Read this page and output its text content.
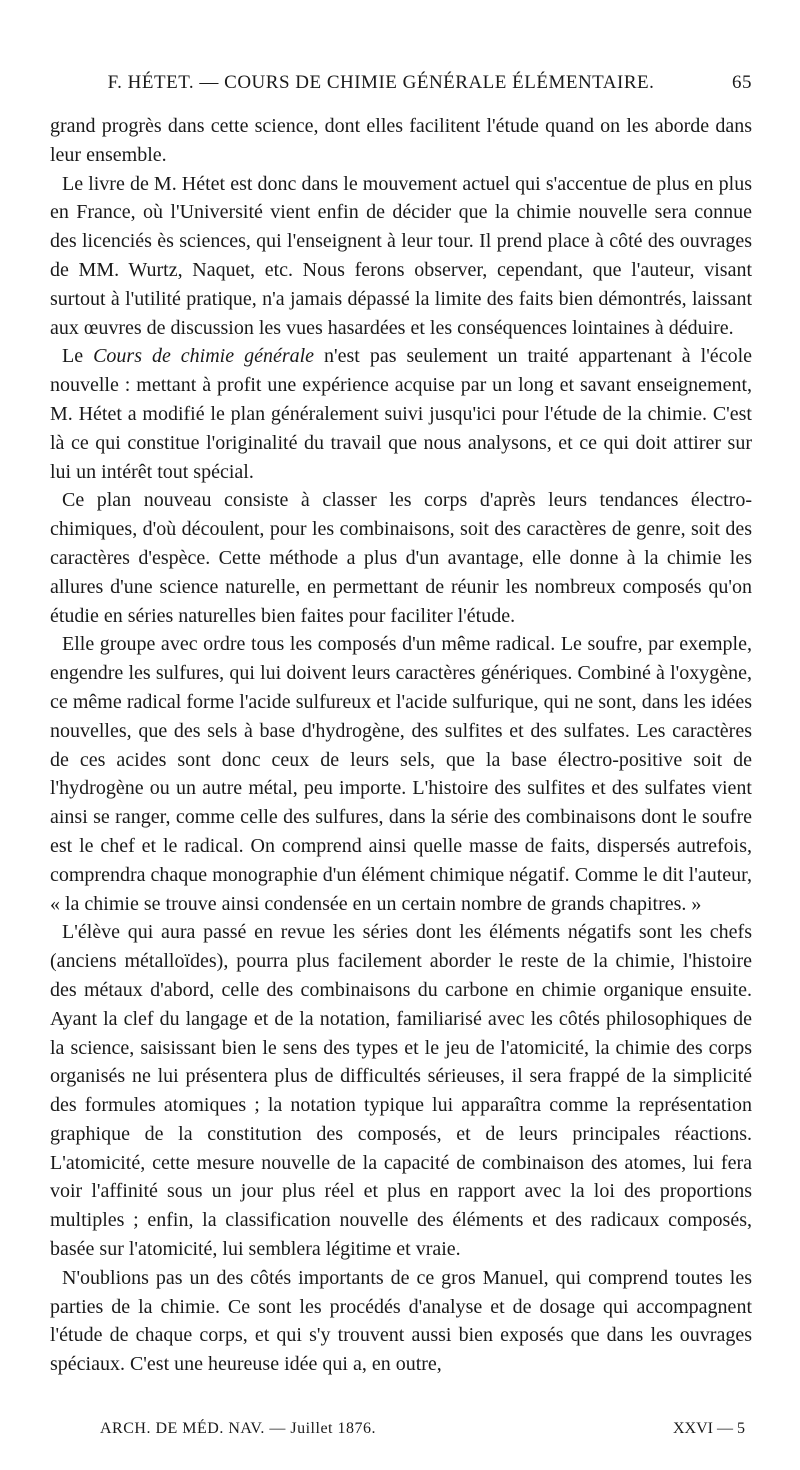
F. HÉTET. — COURS DE CHIMIE GÉNÉRALE ÉLÉMENTAIRE.	65

grand progrès dans cette science, dont elles facilitent l'étude quand on les aborde dans leur ensemble.

Le livre de M. Hétet est donc dans le mouvement actuel qui s'accentue de plus en plus en France, où l'Université vient enfin de décider que la chimie nouvelle sera connue des licenciés ès sciences, qui l'enseignent à leur tour. Il prend place à côté des ouvrages de MM. Wurtz, Naquet, etc. Nous ferons observer, cependant, que l'auteur, visant surtout à l'utilité pratique, n'a jamais dépassé la limite des faits bien démontrés, laissant aux œuvres de discussion les vues hasardées et les conséquences lointaines à déduire.

Le Cours de chimie générale n'est pas seulement un traité appartenant à l'école nouvelle : mettant à profit une expérience acquise par un long et savant enseignement, M. Hétet a modifié le plan généralement suivi jusqu'ici pour l'étude de la chimie. C'est là ce qui constitue l'originalité du travail que nous analysons, et ce qui doit attirer sur lui un intérêt tout spécial.

Ce plan nouveau consiste à classer les corps d'après leurs tendances électro-chimiques, d'où découlent, pour les combinaisons, soit des caractères de genre, soit des caractères d'espèce. Cette méthode a plus d'un avantage, elle donne à la chimie les allures d'une science naturelle, en permettant de réunir les nombreux composés qu'on étudie en séries naturelles bien faites pour faciliter l'étude.

Elle groupe avec ordre tous les composés d'un même radical. Le soufre, par exemple, engendre les sulfures, qui lui doivent leurs caractères génériques. Combiné à l'oxygène, ce même radical forme l'acide sulfureux et l'acide sulfurique, qui ne sont, dans les idées nouvelles, que des sels à base d'hydrogène, des sulfites et des sulfates. Les caractères de ces acides sont donc ceux de leurs sels, que la base électro-positive soit de l'hydrogène ou un autre métal, peu importe. L'histoire des sulfites et des sulfates vient ainsi se ranger, comme celle des sulfures, dans la série des combinaisons dont le soufre est le chef et le radical. On comprend ainsi quelle masse de faits, dispersés autrefois, comprendra chaque monographie d'un élément chimique négatif. Comme le dit l'auteur, « la chimie se trouve ainsi condensée en un certain nombre de grands chapitres. »

L'élève qui aura passé en revue les séries dont les éléments négatifs sont les chefs (anciens métalloïdes), pourra plus facilement aborder le reste de la chimie, l'histoire des métaux d'abord, celle des combinaisons du carbone en chimie organique ensuite. Ayant la clef du langage et de la notation, familiarisé avec les côtés philosophiques de la science, saisissant bien le sens des types et le jeu de l'atomicité, la chimie des corps organisés ne lui présentera plus de difficultés sérieuses, il sera frappé de la simplicité des formules atomiques ; la notation typique lui apparaîtra comme la représentation graphique de la constitution des composés, et de leurs principales réactions. L'atomicité, cette mesure nouvelle de la capacité de combinaison des atomes, lui fera voir l'affinité sous un jour plus réel et plus en rapport avec la loi des proportions multiples ; enfin, la classification nouvelle des éléments et des radicaux composés, basée sur l'atomicité, lui semblera légitime et vraie.

N'oublions pas un des côtés importants de ce gros Manuel, qui comprend toutes les parties de la chimie. Ce sont les procédés d'analyse et de dosage qui accompagnent l'étude de chaque corps, et qui s'y trouvent aussi bien exposés que dans les ouvrages spéciaux. C'est une heureuse idée qui a, en outre,

ARCH. DE MÉD. NAV. — Juillet 1876.	XXVI — 5
